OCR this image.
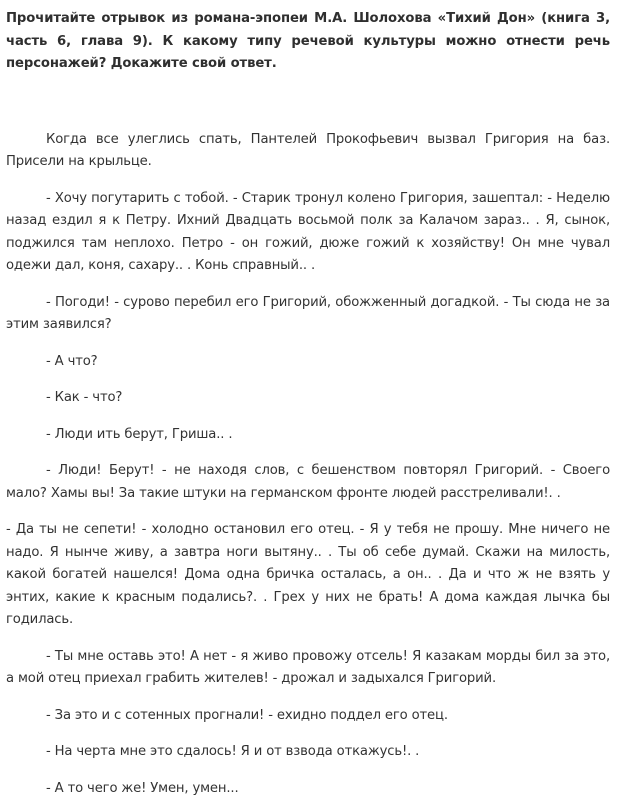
Прочитайте отрывок из романа-эпопеи М.А. Шолохова «Тихий Дон» (книга 3, часть 6, глава 9). К какому типу речевой культуры можно отнести речь персонажей? Докажите свой ответ.

Когда все улеглись спать, Пантелей Прокофьевич вызвал Григория на баз. Присели на крыльце.

- Хочу погутарить с тобой. - Старик тронул колено Григория, зашептал: - Неделю назад ездил я к Петру. Ихний Двадцать восьмой полк за Калачом зараз.. . Я, сынок, поджился там неплохо. Петро - он гожий, дюже гожий к хозяйству! Он мне чувал одежи дал, коня, сахару.. . Конь справный.. .

- Погоди! - сурово перебил его Григорий, обожженный догадкой. - Ты сюда не за этим заявился?

- А что?

- Как - что?

- Люди ить берут, Гриша.. .

- Люди! Берут! - не находя слов, с бешенством повторял Григорий. - Своего мало? Хамы вы! За такие штуки на германском фронте людей расстреливали!. .

- Да ты не сепети! - холодно остановил его отец. - Я у тебя не прошу. Мне ничего не надо. Я нынче живу, а завтра ноги вытяну.. . Ты об себе думай. Скажи на милость, какой богатей нашелся! Дома одна бричка осталась, а он.. . Да и что ж не взять у энтих, какие к красным подались?. . Грех у них не брать! А дома каждая лычка бы годилась.

- Ты мне оставь это! А нет - я живо провожу отсель! Я казакам морды бил за это, а мой отец приехал грабить жителев! - дрожал и задыхался Григорий.

- За это и с сотенных прогнали! - ехидно поддел его отец.

- На черта мне это сдалось! Я и от взвода откажусь!. .

- А то чего же! Умен, умен...
